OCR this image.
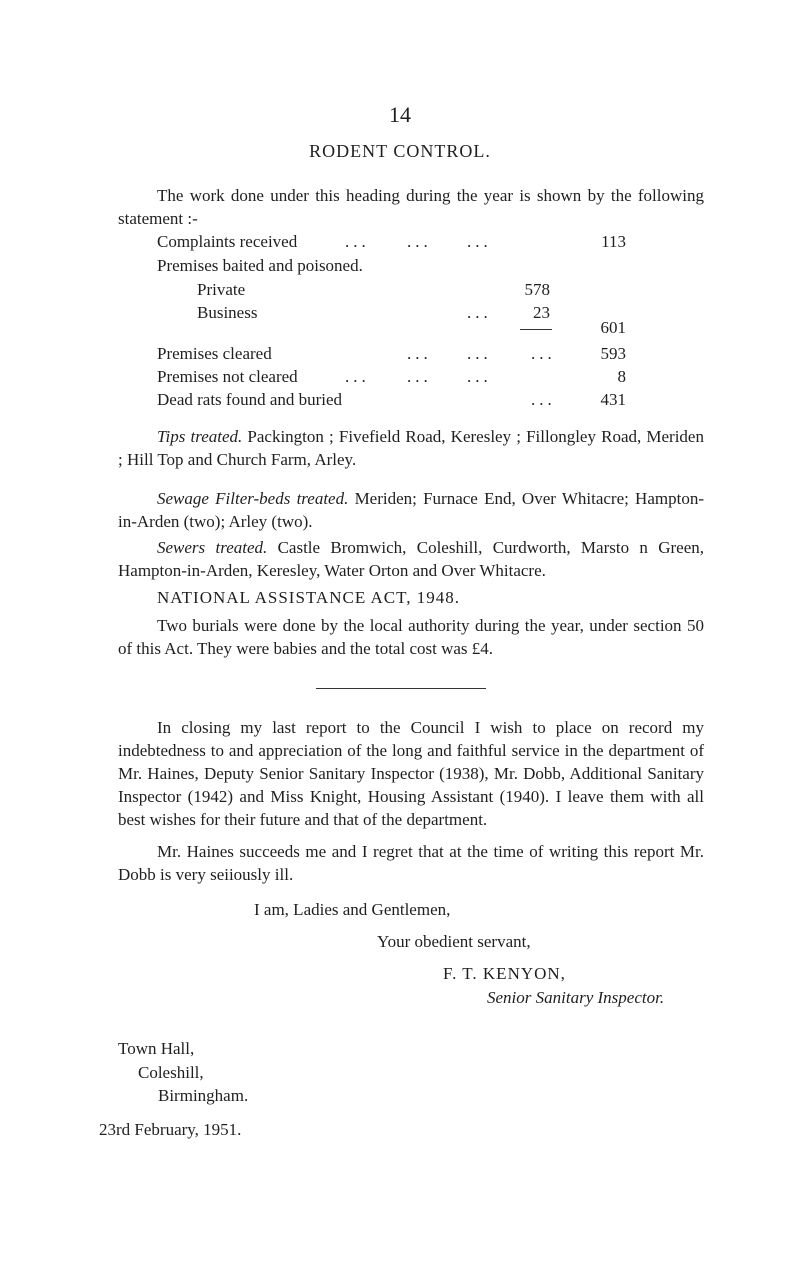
14
RODENT CONTROL.

The work done under this heading during the year is shown by the following statement :-

Complaints received	... ... ...	113
Premises baited and poisoned.
Private	578
Business	...	23
601
Premises cleared	... ... ...	593
Premises not cleared	... ... ...	8
Dead rats found and buried	...	431

Tips treated. Packington ; Fivefield Road, Keresley ; Fillongley Road, Meriden ; Hill Top and Church Farm, Arley.

Sewage Filter-beds treated. Meriden; Furnace End, Over Whitacre; Hampton-in-Arden (two); Arley (two).

Sewers treated. Castle Bromwich, Coleshill, Curdworth, Marsto n Green, Hampton-in-Arden, Keresley, Water Orton and Over Whitacre.

NATIONAL ASSISTANCE ACT, 1948.

Two burials were done by the local authority during the year, under section 50 of this Act. They were babies and the total cost was £4.

In closing my last report to the Council I wish to place on record my indebtedness to and appreciation of the long and faithful service in the department of Mr. Haines, Deputy Senior Sanitary Inspector (1938), Mr. Dobb, Additional Sanitary Inspector (1942) and Miss Knight, Housing Assistant (1940). I leave them with all best wishes for their future and that of the department.

Mr. Haines succeeds me and I regret that at the time of writing this report Mr. Dobb is very seiiously ill.

I am, Ladies and Gentlemen,
Your obedient servant,
F. T. KENYON,
Senior Sanitary Inspector.
Town Hall,
Coleshill,
Birmingham.
23rd February, 1951.
